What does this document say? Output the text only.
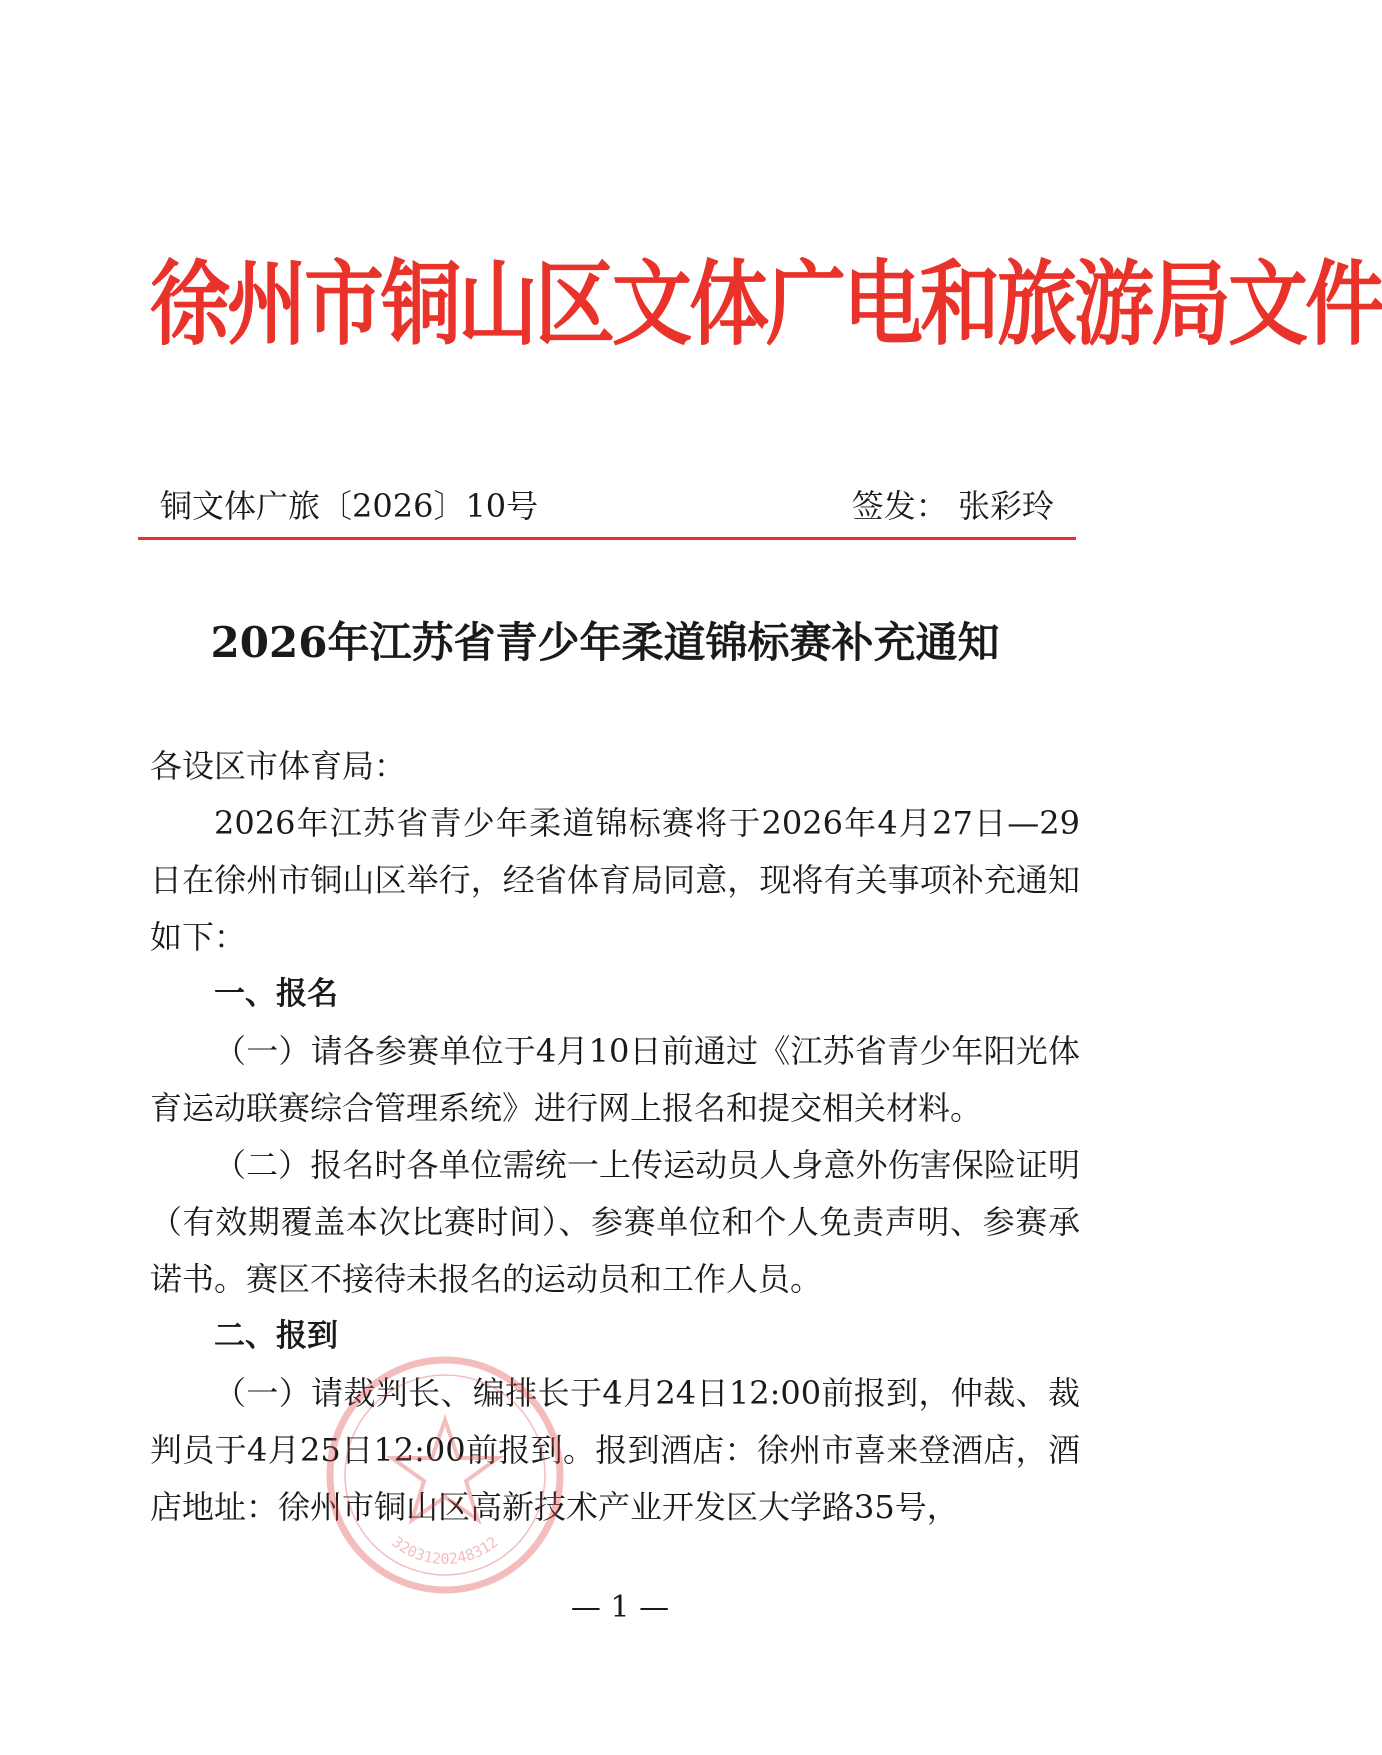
徐州市铜山区文体广电和旅游局文件
铜文体广旅〔2026〕10号	签发： 张彩玲
2026年江苏省青少年柔道锦标赛补充通知

各设区市体育局：

2026年江苏省青少年柔道锦标赛将于2026年4月27日—29日在徐州市铜山区举行，经省体育局同意，现将有关事项补充通知如下：

一、报名

（一）请各参赛单位于4月10日前通过《江苏省青少年阳光体育运动联赛综合管理系统》进行网上报名和提交相关材料。

（二）报名时各单位需统一上传运动员人身意外伤害保险证明（有效期覆盖本次比赛时间）、参赛单位和个人免责声明、参赛承诺书。赛区不接待未报名的运动员和工作人员。

二、报到

（一）请裁判长、编排长于4月24日12:00前报到，仲裁、裁判员于4月25日12:00前报到。报到酒店：徐州市喜来登酒店，酒店地址：徐州市铜山区高新技术产业开发区大学路35号，

3203120248312
— 1 —
